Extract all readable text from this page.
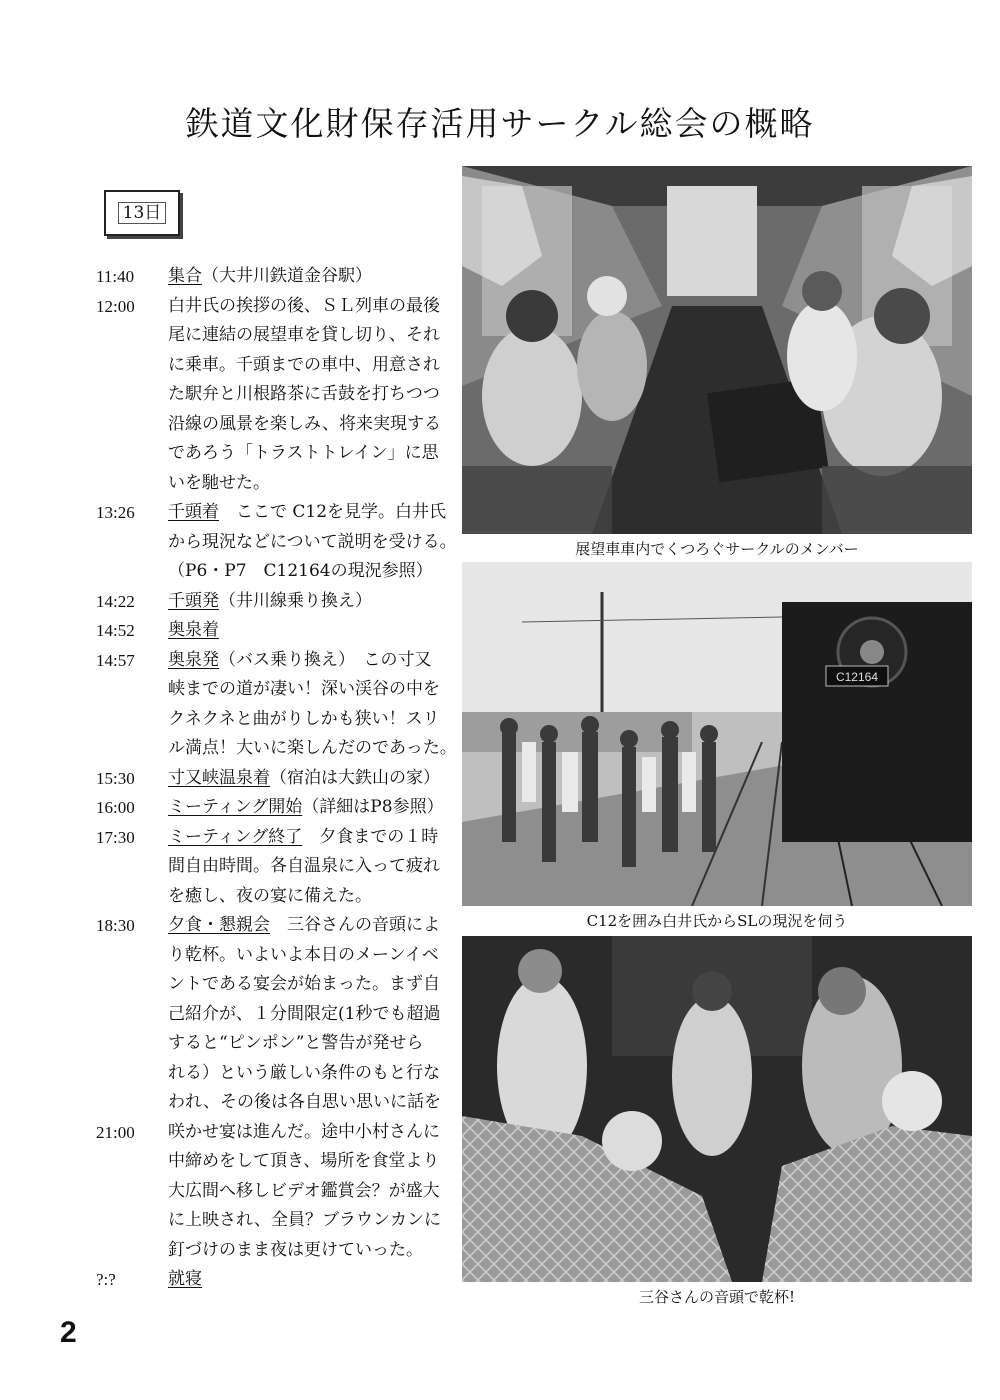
鉄道文化財保存活用サークル総会の概略
13日
11:40	集合（大井川鉄道金谷駅）
12:00	白井氏の挨拶の後、ＳＬ列車の最後
尾に連結の展望車を貸し切り、それ
に乗車。千頭までの車中、用意され
た駅弁と川根路茶に舌鼓を打ちつつ
沿線の風景を楽しみ、将来実現する
であろう「トラストトレイン」に思
いを馳せた。
13:26	千頭着　ここで C12を見学。白井氏
から現況などについて説明を受ける。
（P6・P7　C12164の現況参照）
14:22	千頭発（井川線乗り換え）
14:52	奥泉着
14:57	奥泉発（バス乗り換え）　この寸又
峡までの道が凄い！深い渓谷の中を
クネクネと曲がりしかも狭い！スリ
ル満点！大いに楽しんだのであった。
15:30	寸又峡温泉着（宿泊は大鉄山の家）
16:00	ミーティング開始（詳細はP8参照）
17:30	ミーティング終了　夕食までの１時
間自由時間。各自温泉に入って疲れ
を癒し、夜の宴に備えた。
18:30	夕食・懇親会　三谷さんの音頭によ
り乾杯。いよいよ本日のメーンイベ
ントである宴会が始まった。まず自
己紹介が、１分間限定(1秒でも超過
すると“ピンポン”と警告が発せら
れる）という厳しい条件のもと行な
われ、その後は各自思い思いに話を
21:00	咲かせ宴は進んだ。途中小村さんに
中締めをして頂き、場所を食堂より
大広間へ移しビデオ鑑賞会？が盛大
に上映され、全員？ブラウンカンに
釘づけのまま夜は更けていった。
?:?	就寝
展望車車内でくつろぐサークルのメンバー
C12164
C12を囲み白井氏からSLの現況を伺う
三谷さんの音頭で乾杯!
2
